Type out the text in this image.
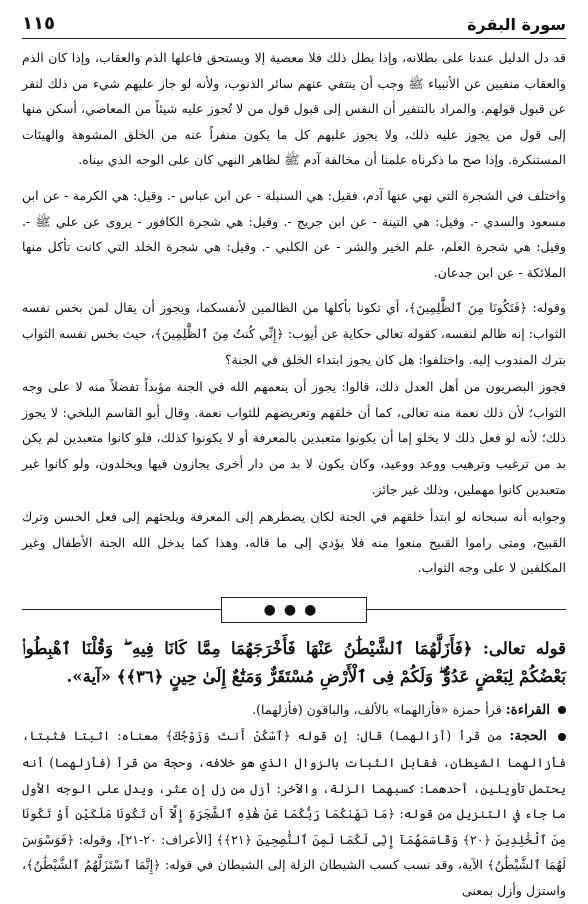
سورة البقرة
١١٥

قد دل الدليل عندنا على بطلانه، وإذا بطل ذلك فلا معصية إلا ويستحق فاعلها الذم والعقاب، وإذا كان الذم والعقاب منفيين عن الأنبياء ﷺ وجب أن ينتفي عنهم سائر الذنوب، ولأنه لو جاز عليهم شيء من ذلك لنفر عن قبول قولهم. والمراد بالتنفير أن النفس إلى قبول قول من لا تُجوز عليه شيئاً من المعاصي، أسكن منها إلى قول من يجوز عليه ذلك، ولا يجوز عليهم كل ما يكون منفراً عنه من الخلق المشوهة والهيئات المستنكرة. وإذا صح ما ذكرناه علمنا أن مخالفة آدم ﷺ لظاهر النهي كان على الوجه الذي بيناه.

واختلف في الشجرة التي نهي عنها آدم، فقيل: هي السنبلة - عن ابن عباس -. وقيل: هي الكرمة - عن ابن مسعود والسدي -. وقيل: هي التينة - عن ابن جريج -. وقيل: هي شجرة الكافور - يروى عن علي ﷺ -. وقيل: هي شجرة العلم، علم الخير والشر - عن الكلبي -. وقيل: هي شجرة الخلد التي كانت تأكل منها الملائكة - عن ابن جدعان.

وقوله: ﴿فَتَكُونَا مِنَ ٱلظَّٰلِمِينَ﴾، أي تكونا بأكلها من الظالمين لأنفسكما، ويجوز أن يقال لمن بخس نفسه الثواب: إنه ظالم لنفسه، كقوله تعالى حكاية عن أيوب: ﴿إِنِّي كُنتُ مِنَ ٱلظَّٰلِمِينَ﴾، حيث بخس نفسه الثواب بترك المندوب إليه. واختلفوا: هل كان يجوز ابتداء الخلق في الجنة؟

فجوز البصريون من أهل العدل ذلك، قالوا: يجوز أن ينعمهم الله في الجنة مؤبداً تفضلاً منه لا على وجه الثواب؛ لأن ذلك نعمة منه تعالى، كما أن خلقهم وتعريضهم للثواب نعمة. وقال أبو القاسم البلخي: لا يجوز ذلك؛ لأنه لو فعل ذلك لا يخلو إما أن يكونوا متعبدين بالمعرفة أو لا يكونوا كذلك، فلو كانوا متعبدين لم يكن بد من ترغيب وترهيب ووعد ووعيد، وكان يكون لا بد من دار أخرى يجازون فيها ويخلدون، ولو كانوا غير متعبدين كانوا مهملين، وذلك غير جائز.

وجوابه أنه سبحانه لو ابتدأ خلقهم في الجنة لكان يضطرهم إلى المعرفة ويلجئهم إلى فعل الحسن وترك القبيح، ومتى راموا القبيح منعوا منه فلا يؤدي إلى ما قاله، وهذا كما يدخل الله الجنة الأطفال وغير المكلفين لا على وجه الثواب.

●●●

قوله تعالى: ﴿فَأَزَلَّهُمَا ٱلشَّيْطَٰنُ عَنْهَا فَأَخْرَجَهُمَا مِمَّا كَانَا فِيهِ ۖ وَقُلْنَا ٱهْبِطُوا۟ بَعْضُكُمْ لِبَعْضٍ عَدُوٌّ ۖ وَلَكُمْ فِى ٱلْأَرْضِ مُسْتَقَرٌّ وَمَتَٰعٌ إِلَىٰ حِينٍ ﴿٣٦﴾﴾ «آية».

القراءة: قرأ حمزة «فأزالهما» بالألف، والباقون (فأزلهما).

الحجة: من قرأ (أزالهما) قال: إن قوله ﴿ٱسْكُنْ أَنتَ وَزَوْجُكَ﴾ معناه: اثبتا فثبتا، فأزالهما الشيطان، فقابل الثبات بالزوال الذي هو خلافه، وحجة من قرأ (فأزلهما) أنه يحتمل تأويلين، أحدهما: كسبهما الزلة، والآخر: أزل من زل إن عثر، ويدل على الوجه الأول ما جاء في التنزيل من قوله: ﴿مَا نَهَىٰكُمَا رَبُّكُمَا عَنْ هَٰذِهِ ٱلشَّجَرَةِ إِلَّآ أَن تَكُونَا مَلَكَيْنِ أَوْ تَكُونَا مِنَ ٱلْخَٰلِدِينَ ﴿٢٠﴾ وَقَاسَمَهُمَآ إِنِّى لَكُمَا لَمِنَ ٱلنَّٰصِحِينَ ﴿٢١﴾﴾ [الأعراف: ٢٠-٢١]، وقوله: ﴿فَوَسْوَسَ لَهُمَا ٱلشَّيْطَٰنُ﴾ الآية، وقد نسب كسب الشيطان الزلة إلى الشيطان في قوله: ﴿إِنَّمَا ٱسْتَزَلَّهُمُ ٱلشَّيْطَٰنُ﴾، واستزل وأزل بمعنى
